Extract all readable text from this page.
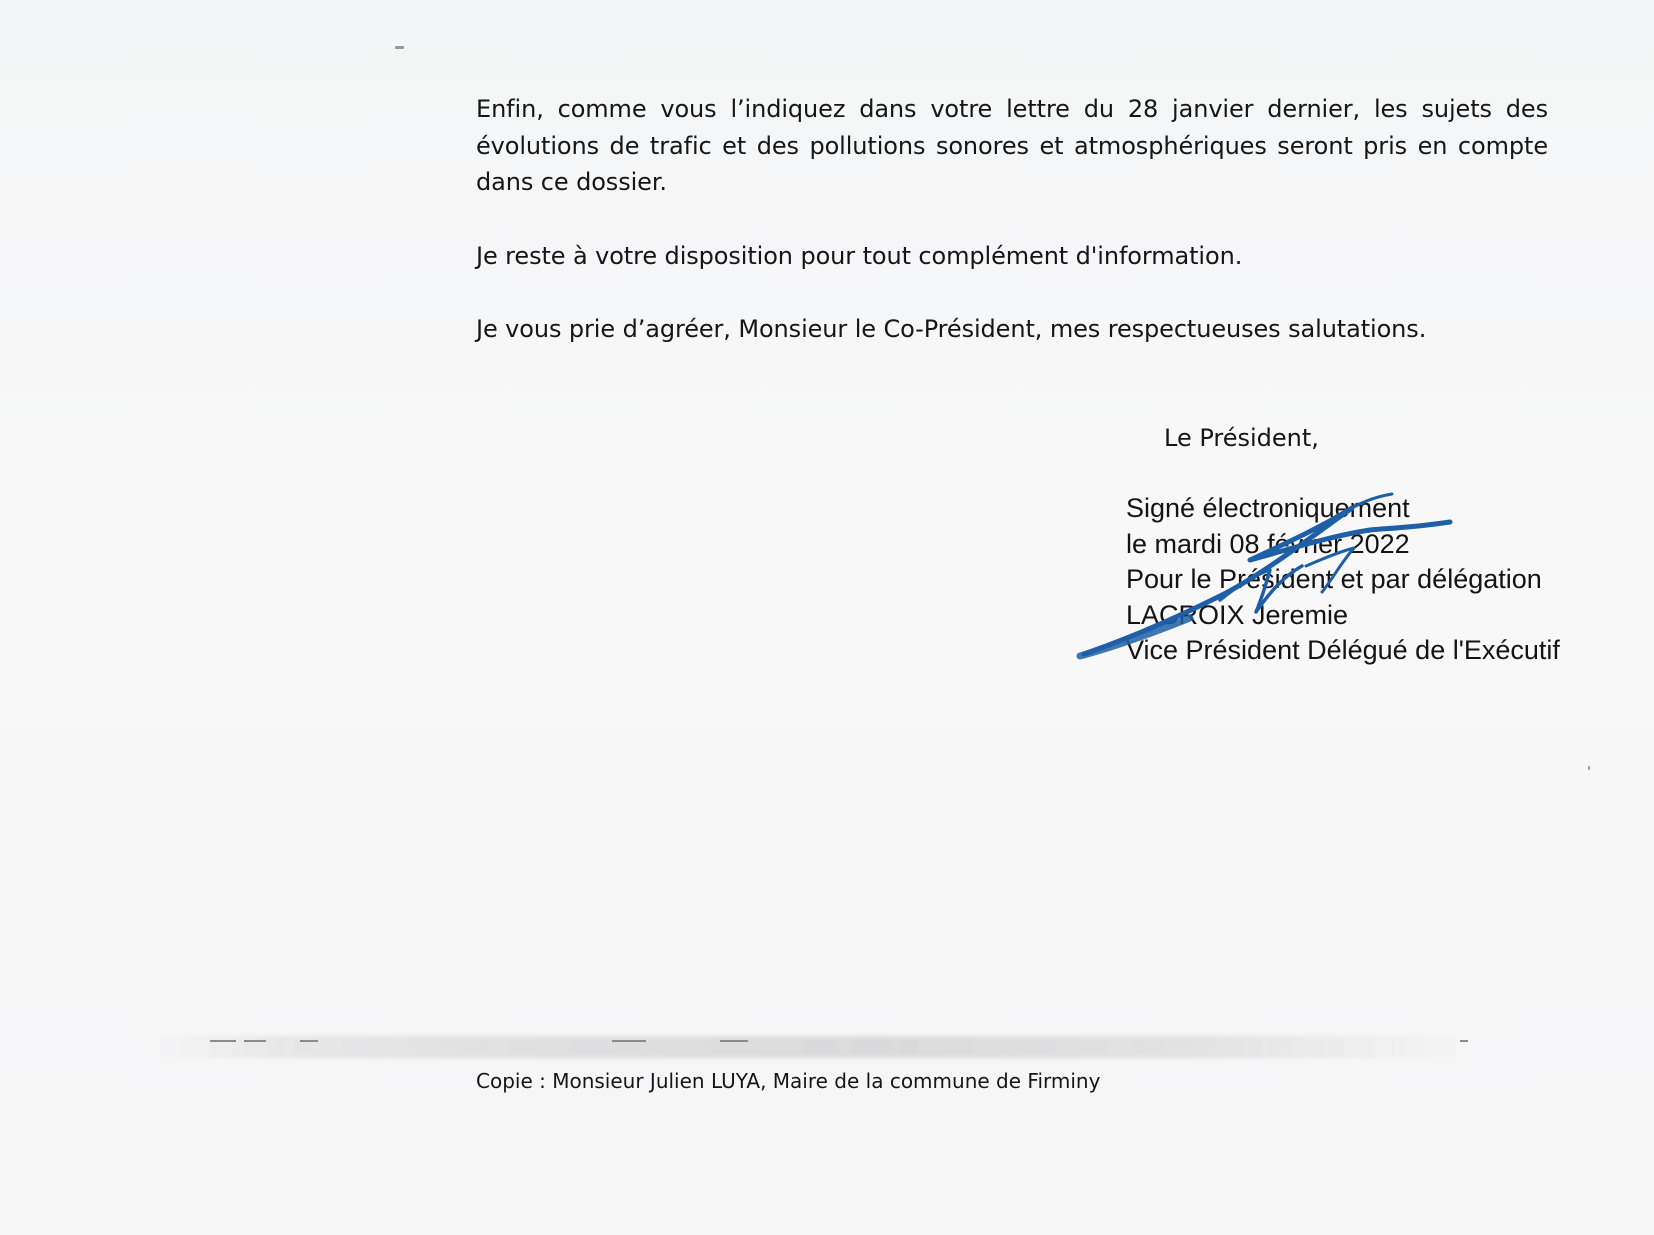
Enfin, comme vous l’indiquez dans votre lettre du 28 janvier dernier, les sujets des évolutions de trafic et des pollutions sonores et atmosphériques seront pris en compte dans ce dossier.

Je reste à votre disposition pour tout complément d'information.

Je vous prie d’agréer, Monsieur le Co-Président, mes respectueuses salutations.

Le Président,
Signé électroniquement
le mardi 08 février 2022
Pour le Président et par délégation
LACROIX Jeremie
Vice Président Délégué de l'Exécutif
Copie : Monsieur Julien LUYA, Maire de la commune de Firminy
